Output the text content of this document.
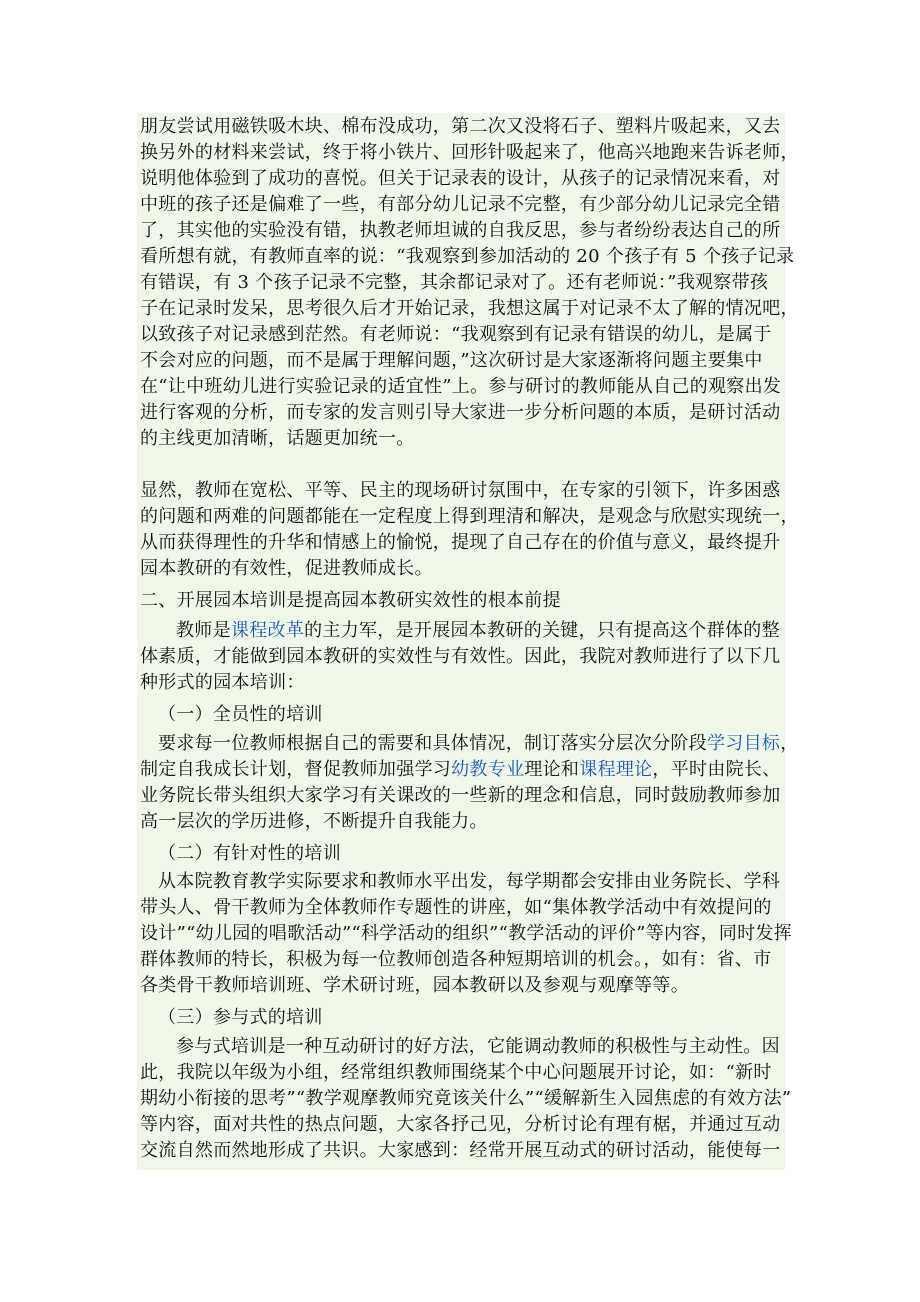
朋友尝试用磁铁吸木块、棉布没成功，第二次又没将石子、塑料片吸起来，又去
换另外的材料来尝试，终于将小铁片、回形针吸起来了，他高兴地跑来告诉老师，
说明他体验到了成功的喜悦。但关于记录表的设计，从孩子的记录情况来看，对
中班的孩子还是偏难了一些，有部分幼儿记录不完整，有少部分幼儿记录完全错
了，其实他的实验没有错，执教老师坦诚的自我反思，参与者纷纷表达自己的所
看所想有就，有教师直率的说：“我观察到参加活动的 20 个孩子有 5 个孩子记录
有错误，有 3 个孩子记录不完整，其余都记录对了。还有老师说：”我观察带孩
子在记录时发呆，思考很久后才开始记录，我想这属于对记录不太了解的情况吧，
以致孩子对记录感到茫然。有老师说：“我观察到有记录有错误的幼儿，是属于
不会对应的问题，而不是属于理解问题，”这次研讨是大家逐渐将问题主要集中
在“让中班幼儿进行实验记录的适宜性”上。参与研讨的教师能从自己的观察出发
进行客观的分析，而专家的发言则引导大家进一步分析问题的本质，是研讨活动
的主线更加清晰，话题更加统一。
显然，教师在宽松、平等、民主的现场研讨氛围中，在专家的引领下，许多困惑
的问题和两难的问题都能在一定程度上得到理清和解决，是观念与欣慰实现统一，
从而获得理性的升华和情感上的愉悦，提现了自己存在的价值与意义，最终提升
园本教研的有效性，促进教师成长。
二、开展园本培训是提高园本教研实效性的根本前提
教师是课程改革的主力军，是开展园本教研的关键，只有提高这个群体的整
体素质，才能做到园本教研的实效性与有效性。因此，我院对教师进行了以下几
种形式的园本培训：
（一）全员性的培训
要求每一位教师根据自己的需要和具体情况，制订落实分层次分阶段学习目标，
制定自我成长计划，督促教师加强学习幼教专业理论和课程理论，平时由院长、
业务院长带头组织大家学习有关课改的一些新的理念和信息，同时鼓励教师参加
高一层次的学历进修，不断提升自我能力。
（二）有针对性的培训
从本院教育教学实际要求和教师水平出发，每学期都会安排由业务院长、学科
带头人、骨干教师为全体教师作专题性的讲座，如“集体教学活动中有效提问的
设计”“幼儿园的唱歌活动”“科学活动的组织”“教学活动的评价”等内容，同时发挥
群体教师的特长，积极为每一位教师创造各种短期培训的机会。，如有：省、市
各类骨干教师培训班、学术研讨班，园本教研以及参观与观摩等等。
（三）参与式的培训
参与式培训是一种互动研讨的好方法，它能调动教师的积极性与主动性。因
此，我院以年级为小组，经常组织教师围绕某个中心问题展开讨论，如：“新时
期幼小衔接的思考”“教学观摩教师究竟该关什么”“缓解新生入园焦虑的有效方法”
等内容，面对共性的热点问题，大家各抒己见，分析讨论有理有椐，并通过互动
交流自然而然地形成了共识。大家感到：经常开展互动式的研讨活动，能使每一
